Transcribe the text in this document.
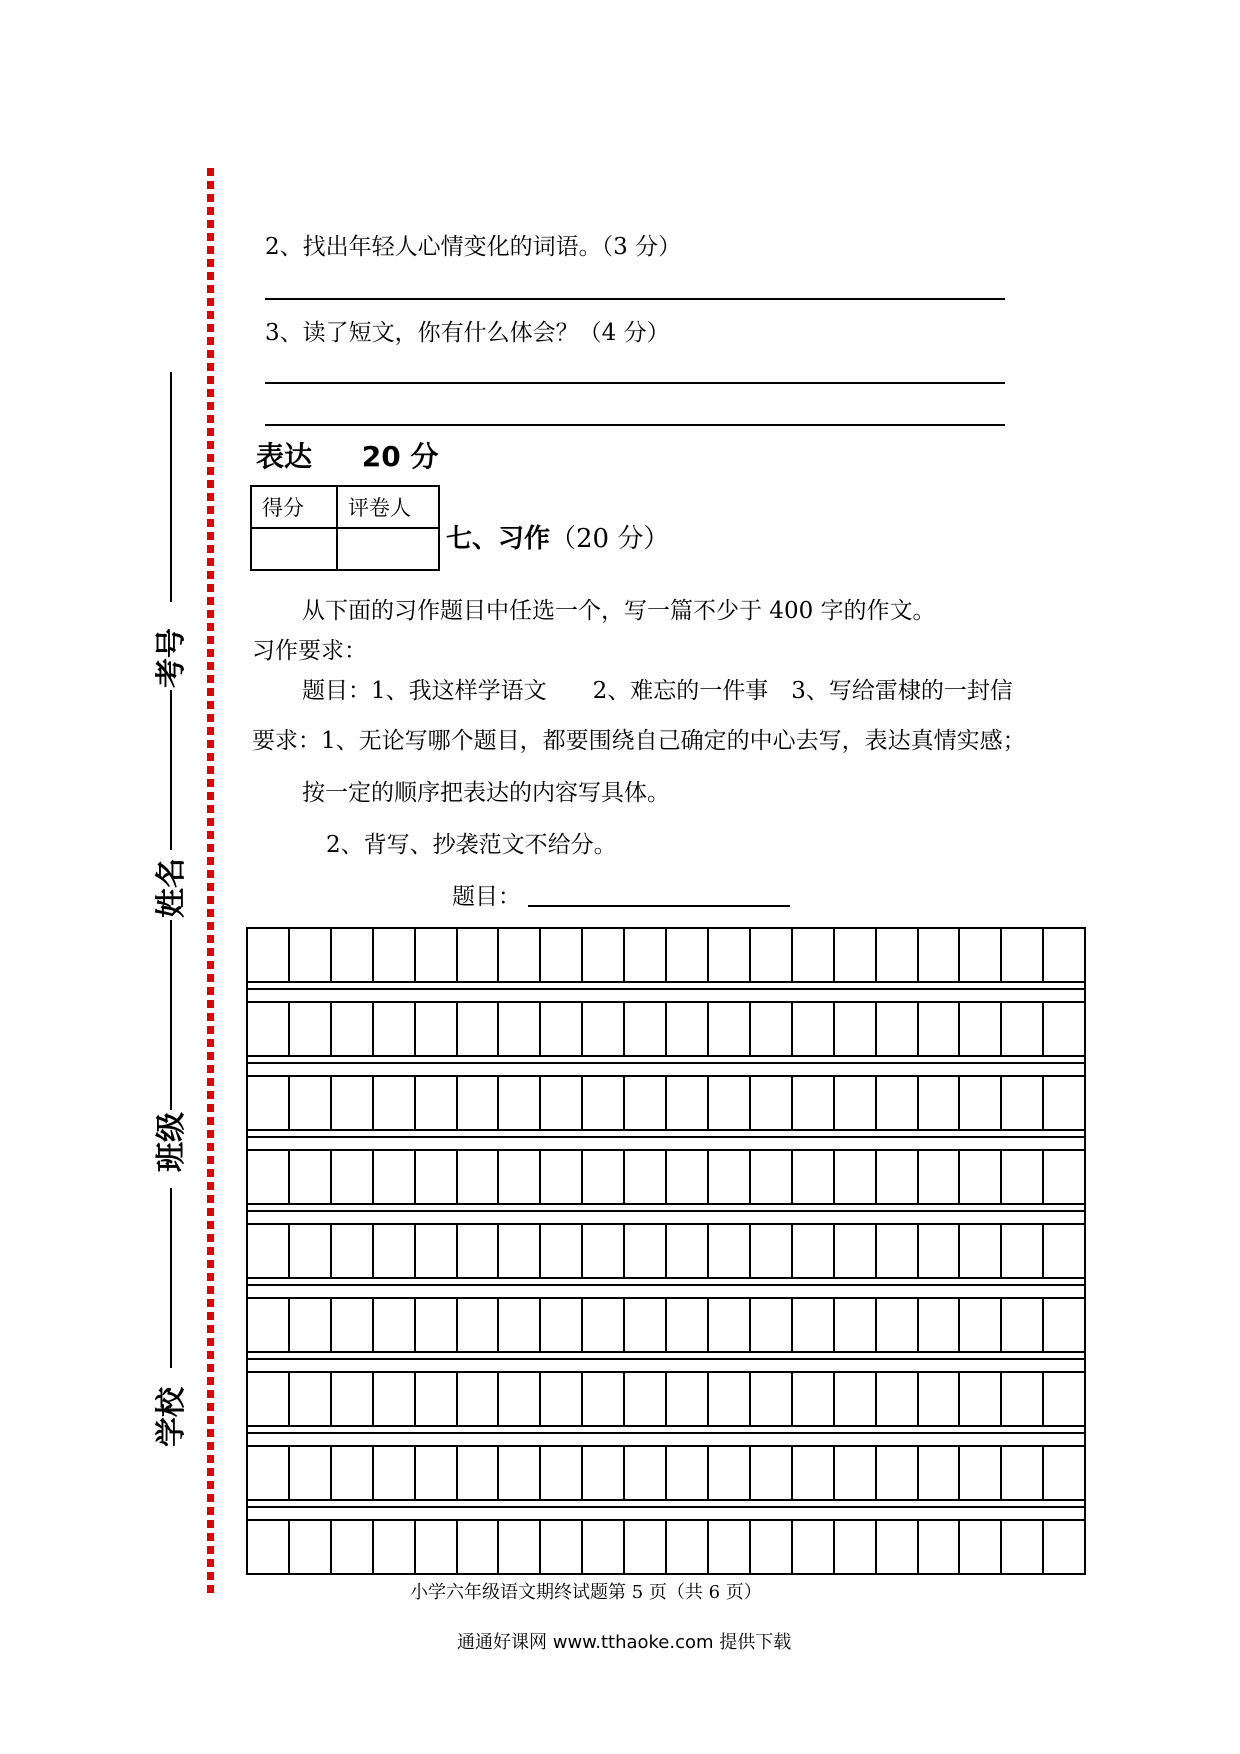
考号
姓名
班级
学校
2、找出年轻人心情变化的词语。（3 分）
3、读了短文，你有什么体会？（4 分）
表达 20 分
得分	评卷人

七、习作（20 分）
从下面的习作题目中任选一个，写一篇不少于 400 字的作文。
习作要求：
题目：1、我这样学语文　　2、难忘的一件事　3、写给雷棣的一封信
要求：1、无论写哪个题目，都要围绕自己确定的中心去写，表达真情实感；
按一定的顺序把表达的内容写具体。
2、背写、抄袭范文不给分。
题目：
小学六年级语文期终试题第 5 页（共 6 页）
通通好课网 www.tthaoke.com 提供下载
